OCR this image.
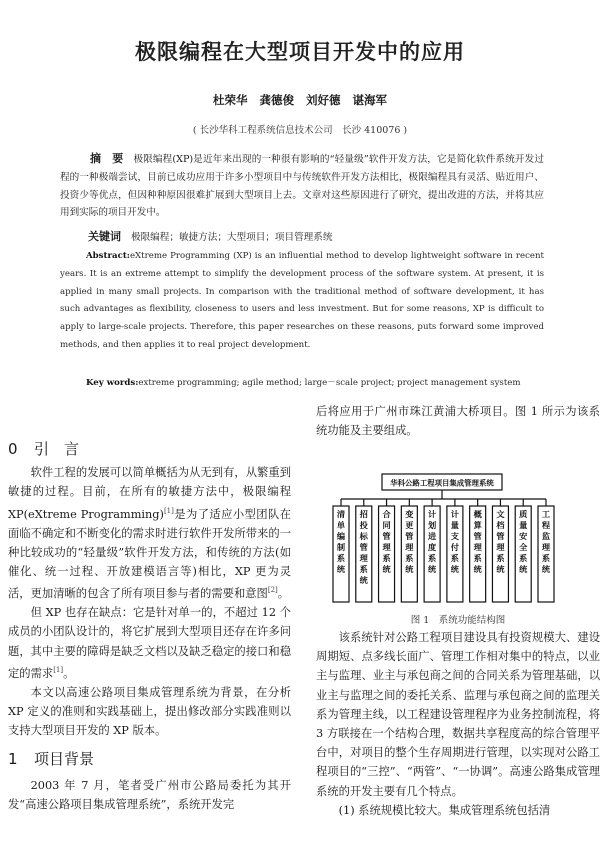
极限编程在大型项目开发中的应用
杜荣华 龚德俊 刘好德 谌海军
( 长沙华科工程系统信息技术公司　长沙 410076 )
摘　要 极限编程(XP)是近年来出现的一种很有影响的“轻量级”软件开发方法，它是简化软件系统开发过程的一种极端尝试，目前已成功应用于许多小型项目中与传统软件开发方法相比，极限编程具有灵活、贴近用户、投资少等优点，但因种种原因很难扩展到大型项目上去。文章对这些原因进行了研究，提出改进的方法，并将其应用到实际的项目开发中。
关键词 极限编程；敏捷方法；大型项目；项目管理系统
Abstract:eXtreme Programming (XP) is an influential method to develop lightweight software in recent years. It is an extreme attempt to simplify the development process of the software system. At present, it is applied in many small projects. In comparison with the traditional method of software development, it has such advantages as flexibility, closeness to users and less investment. But for some reasons, XP is difficult to apply to large-scale projects. Therefore, this paper researches on these reasons, puts forward some improved methods, and then applies it to real project development.
Key words:extreme programming; agile method; large－scale project; project management system
0 引　言

软件工程的发展可以简单概括为从无到有，从繁重到敏捷的过程。目前，在所有的敏捷方法中，极限编程 XP(eXtreme Programming)[1]是为了适应小型团队在面临不确定和不断变化的需求时进行软件开发所带来的一种比较成功的“轻量级”软件开发方法，和传统的方法(如催化、统一过程、开放建模语言等)相比，XP 更为灵活，更加清晰的包含了所有项目参与者的需要和意图[2]。

但 XP 也存在缺点：它是针对单一的，不超过 12 个成员的小团队设计的，将它扩展到大型项目还存在许多问题，其中主要的障碍是缺乏文档以及缺乏稳定的接口和稳定的需求[1]。

本文以高速公路项目集成管理系统为背景，在分析 XP 定义的准则和实践基础上，提出修改部分实践准则以支持大型项目开发的 XP 版本。

1 项目背景

2003 年 7 月，笔者受广州市公路局委托为其开发“高速公路项目集成管理系统”，系统开发完

后将应用于广州市珠江黄浦大桥项目。图 1 所示为该系统功能及主要组成。

华科公路工程项目集成管理系统
清单编制系统
招投标管理系统
合同管理系统
变更管理系统
计划进度系统
计量支付系统
概算管理系统
文档管理系统
质量安全系统
工程监理系统
图 1　系统功能结构图

该系统针对公路工程项目建设具有投资规模大、建设周期短、点多线长面广、管理工作相对集中的特点，以业主与监理、业主与承包商之间的合同关系为管理基础，以业主与监理之间的委托关系、监理与承包商之间的监理关系为管理主线，以工程建设管理程序为业务控制流程，将 3 方联接在一个结构合理，数据共享程度高的综合管理平台中，对项目的整个生存周期进行管理，以实现对公路工程项目的“三控”、“两管”、“一协调”。高速公路集成管理系统的开发主要有几个特点。

(1) 系统规模比较大。集成管理系统包括清
